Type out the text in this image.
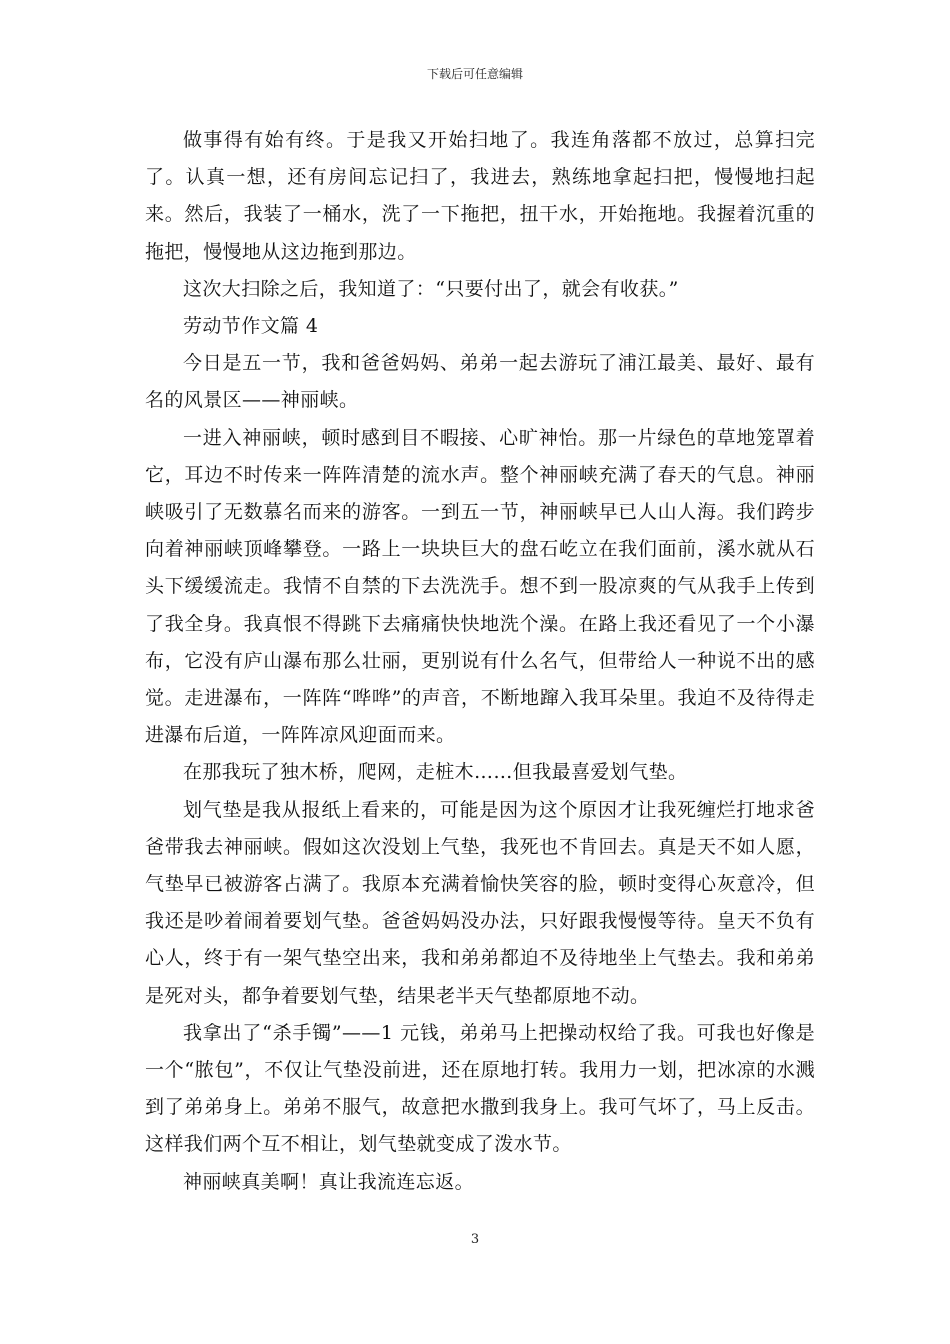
下载后可任意编辑

做事得有始有终。于是我又开始扫地了。我连角落都不放过，总算扫完了。认真一想，还有房间忘记扫了，我进去，熟练地拿起扫把，慢慢地扫起来。然后，我装了一桶水，洗了一下拖把，扭干水，开始拖地。我握着沉重的拖把，慢慢地从这边拖到那边。

这次大扫除之后，我知道了：“只要付出了，就会有收获。”

劳动节作文篇 4

今日是五一节，我和爸爸妈妈、弟弟一起去游玩了浦江最美、最好、最有名的风景区——神丽峡。

一进入神丽峡，顿时感到目不暇接、心旷神怡。那一片绿色的草地笼罩着它，耳边不时传来一阵阵清楚的流水声。整个神丽峡充满了春天的气息。神丽峡吸引了无数慕名而来的游客。一到五一节，神丽峡早已人山人海。我们跨步向着神丽峡顶峰攀登。一路上一块块巨大的盘石屹立在我们面前，溪水就从石头下缓缓流走。我情不自禁的下去洗洗手。想不到一股凉爽的气从我手上传到了我全身。我真恨不得跳下去痛痛快快地洗个澡。在路上我还看见了一个小瀑布，它没有庐山瀑布那么壮丽，更别说有什么名气，但带给人一种说不出的感觉。走进瀑布，一阵阵“哗哗”的声音，不断地蹿入我耳朵里。我迫不及待得走进瀑布后道，一阵阵凉风迎面而来。

在那我玩了独木桥，爬网，走桩木……但我最喜爱划气垫。

划气垫是我从报纸上看来的，可能是因为这个原因才让我死缠烂打地求爸爸带我去神丽峡。假如这次没划上气垫，我死也不肯回去。真是天不如人愿，气垫早已被游客占满了。我原本充满着愉快笑容的脸，顿时变得心灰意冷，但我还是吵着闹着要划气垫。爸爸妈妈没办法，只好跟我慢慢等待。皇天不负有心人，终于有一架气垫空出来，我和弟弟都迫不及待地坐上气垫去。我和弟弟是死对头，都争着要划气垫，结果老半天气垫都原地不动。

我拿出了“杀手镯”——1 元钱，弟弟马上把操动权给了我。可我也好像是一个“脓包”，不仅让气垫没前进，还在原地打转。我用力一划，把冰凉的水溅到了弟弟身上。弟弟不服气，故意把水撒到我身上。我可气坏了，马上反击。这样我们两个互不相让，划气垫就变成了泼水节。

神丽峡真美啊！真让我流连忘返。

3
